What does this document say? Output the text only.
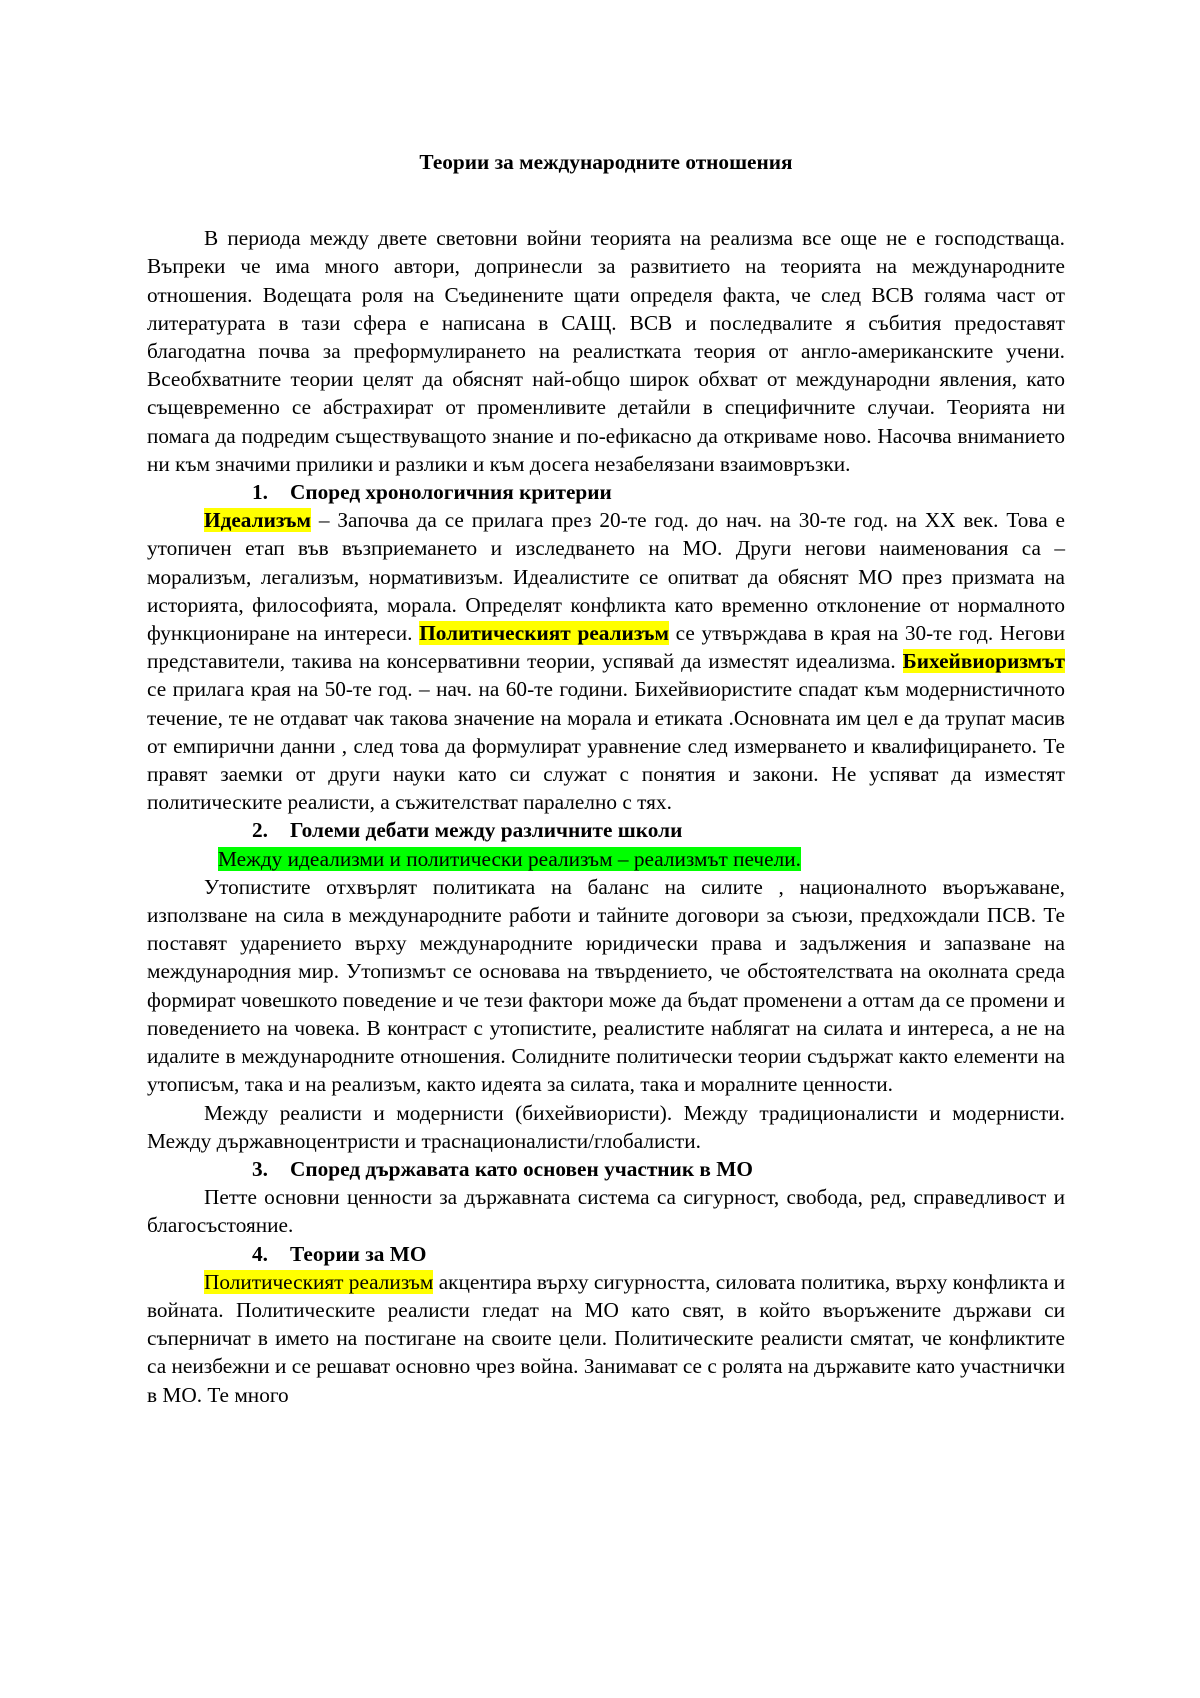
Теории за международните отношения

В периода между двете световни войни теорията на реализма все още не е господстваща. Въпреки че има много автори, допринесли за развитието на теорията на международните отношения. Водещата роля на Съединените щати определя факта, че след ВСВ голяма част от литературата в тази сфера е написана в САЩ. ВСВ и последвалите я събития предоставят благодатна почва за преформулирането на реалистката теория от англо-американските учени. Всеобхватните теории целят да обяснят най-общо широк обхват от международни явления, като същевременно се абстрахират от променливите детайли в специфичните случаи. Теорията ни помага да подредим съществуващото знание и по-ефикасно да откриваме ново. Насочва вниманието ни към значими прилики и разлики и към досега незабелязани взаимовръзки.

1. Според хронологичния критерии

Идеализъм – Започва да се прилага през 20-те год. до нач. на 30-те год. на XX век. Това е утопичен етап във възприемането и изследването на МО. Други негови наименования са – морализъм, легализъм, нормативизъм. Идеалистите се опитват да обяснят МО през призмата на историята, философията, морала. Определят конфликта като временно отклонение от нормалното функциониране на интереси. Политическият реализъм се утвърждава в края на 30-те год. Негови представители, такива на консервативни теории, успявай да изместят идеализма. Бихейвиоризмът се прилага края на 50-те год. – нач. на 60-те години. Бихейвиористите спадат към модернистичното течение, те не отдават чак такова значение на морала и етиката .Основната им цел е да трупат масив от емпирични данни , след това да формулират уравнение след измерването и квалифицирането. Те правят заемки от други науки като си служат с понятия и закони. Не успяват да изместят политическите реалисти, а съжителстват паралелно с тях.

2. Големи дебати между различните школи

Между идеализми и политически реализъм – реализмът печели.

Утопистите отхвърлят политиката на баланс на силите , националното въоръжаване, използване на сила в международните работи и тайните договори за съюзи, предхождали ПСВ. Те поставят ударението върху международните юридически права и задължения и запазване на международния мир. Утопизмът се основава на твърдението, че обстоятелствата на околната среда формират човешкото поведение и че тези фактори може да бъдат променени а оттам да се промени и поведението на човека. В контраст с утопистите, реалистите наблягат на силата и интереса, а не на идалите в международните отношения. Солидните политически теории съдържат както елементи на утописъм, така и на реализъм, както идеята за силата, така и моралните ценности.

Между реалисти и модернисти (бихейвиористи). Между традиционалисти и модернисти. Между държавноцентристи и траснационалисти/глобалисти.

3. Според държавата като основен участник в МО

Петте основни ценности за държавната система са сигурност, свобода, ред, справедливост и благосъстояние.

4. Теории за МО

Политическият реализъм акцентира върху сигурността, силовата политика, върху конфликта и войната. Политическите реалисти гледат на МО като свят, в който въоръжените държави си съперничат в името на постигане на своите цели. Политическите реалисти смятат, че конфликтите са неизбежни и се решават основно чрез война. Занимават се с ролята на държавите като участнички в МО. Те много
